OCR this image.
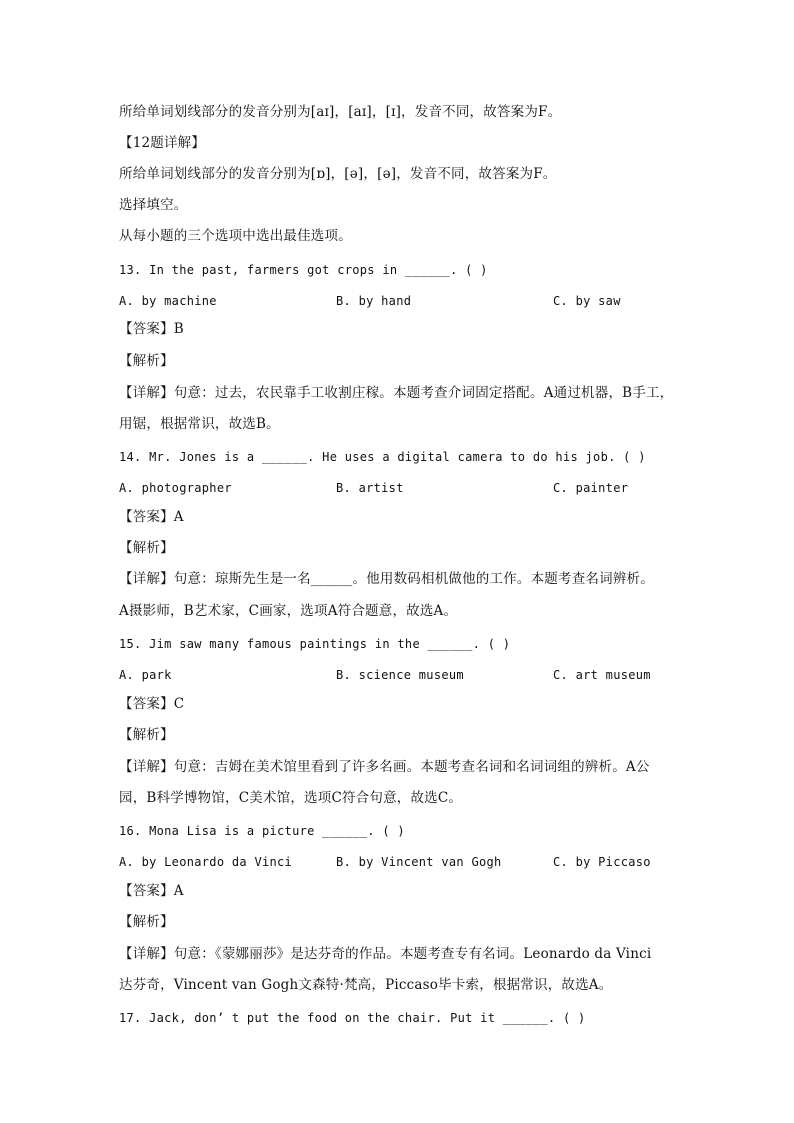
所给单词划线部分的发音分别为[aɪ]，[aɪ]，[ɪ]，发音不同，故答案为F。
【12题详解】
所给单词划线部分的发音分别为[ɒ]，[ə]，[ə]，发音不同，故答案为F。
选择填空。
从每小题的三个选项中选出最佳选项。
13. In the past, farmers got crops in ______. ( )
A. by machine	B. by hand	C. by saw
【答案】B
【解析】
【详解】句意：过去，农民靠手工收割庄稼。本题考查介词固定搭配。A通过机器，B手工，
用锯，根据常识，故选B。
14. Mr. Jones is a ______. He uses a digital camera to do his job. ( )
A. photographer	B. artist	C. painter
【答案】A
【解析】
【详解】句意：琼斯先生是一名______。他用数码相机做他的工作。本题考查名词辨析。
A摄影师，B艺术家，C画家，选项A符合题意，故选A。
15. Jim saw many famous paintings in the ______. ( )
A. park	B. science museum	C. art museum
【答案】C
【解析】
【详解】句意：吉姆在美术馆里看到了许多名画。本题考查名词和名词词组的辨析。A公
园，B科学博物馆，C美术馆，选项C符合句意，故选C。
16. Mona Lisa is a picture ______. ( )
A. by Leonardo da Vinci	B. by Vincent van Gogh	C. by Piccaso
【答案】A
【解析】
【详解】句意：《蒙娜丽莎》是达芬奇的作品。本题考查专有名词。Leonardo da Vinci
达芬奇，Vincent van Gogh文森特·梵高，Piccaso毕卡索，根据常识，故选A。
17. Jack, don’ t put the food on the chair. Put it ______. ( )
